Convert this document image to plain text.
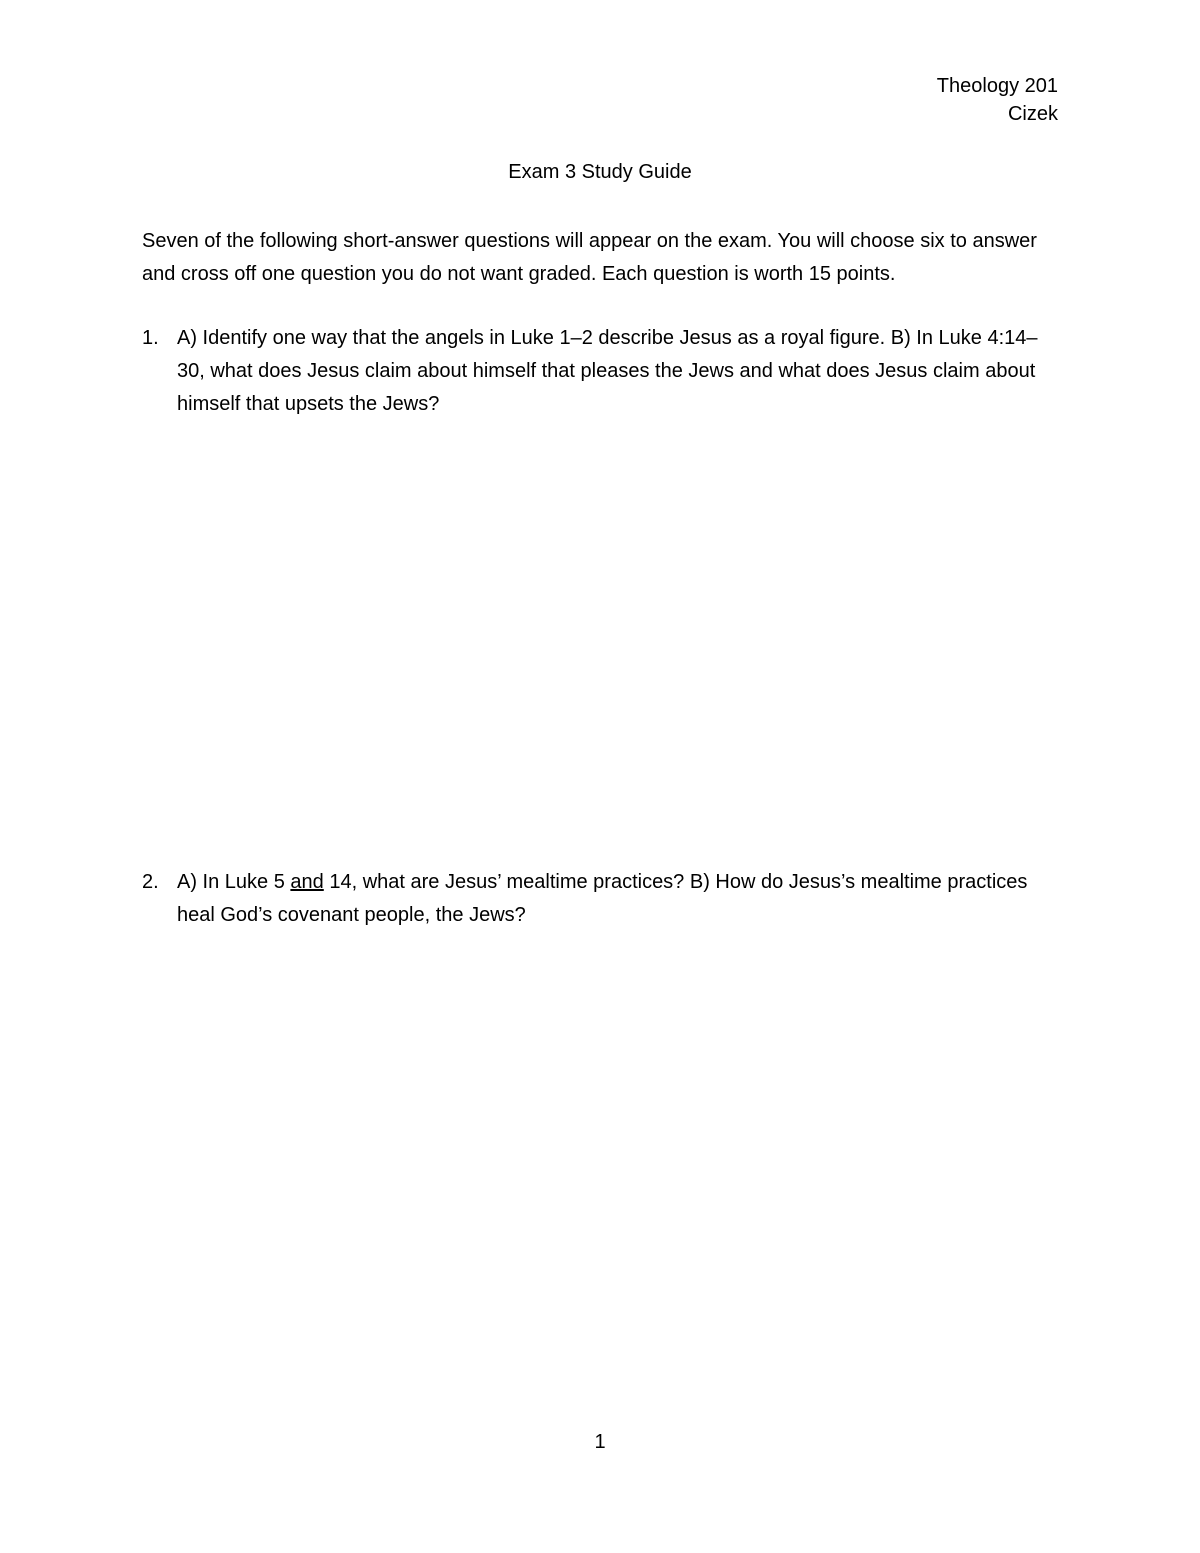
Theology 201
Cizek
Exam 3 Study Guide
Seven of the following short-answer questions will appear on the exam. You will choose six to answer and cross off one question you do not want graded. Each question is worth 15 points.
1. A) Identify one way that the angels in Luke 1–2 describe Jesus as a royal figure. B) In Luke 4:14–30, what does Jesus claim about himself that pleases the Jews and what does Jesus claim about himself that upsets the Jews?
2. A) In Luke 5 and 14, what are Jesus’ mealtime practices? B) How do Jesus’s mealtime practices heal God’s covenant people, the Jews?
1
